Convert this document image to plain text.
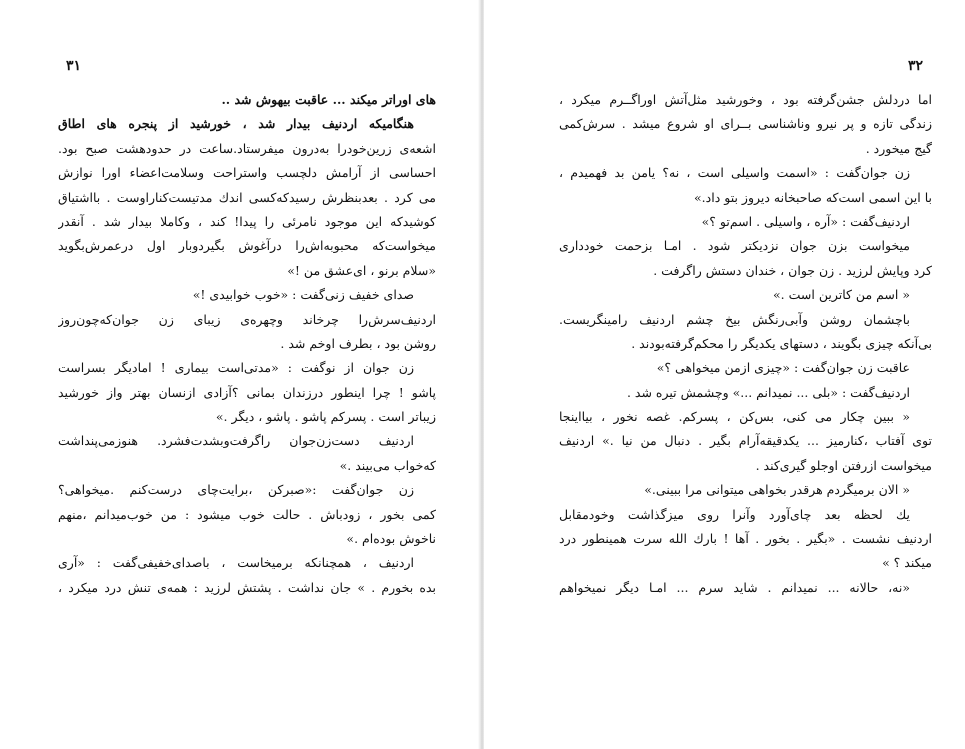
۳۱
های اوراتر میکند ... عاقبت بیهوش شد ..
هنگامیکه اردنیف بیدار شد ، خورشید از پنجره های اطاق
اشعه‌ی زرین‌خودرا به‌درون میفرستاد.ساعت در حدود‌هشت صبح بود.
احساسی از آرامش دلچسب واستراحت وسلامت‌اعضاء اورا نوازش
می کرد . بعد‌بنظرش رسید‌که‌کسی اندك مدتیست‌کنار‌اوست . بااشتیاق
کوشید‌که این موجود نامرئی را پیدا! کند ، وکاملا بیدار شد . آنقدر
میخواست‌که محبوبه‌اش‌را درآغوش بگیرد‌وبار اول درعمرش‌بگوید
«سلام برنو ، ای‌عشق من !»
صدای خفیف زنی‌گفت : «خوب خوابیدی !»
اردنیف‌سرش‌را چرخاند وچهره‌ی زیبای زن جوان‌که‌چون‌روز
روشن بود ، بطرف اوخم شد .
زن جوان از نو‌گفت : «مدتی‌است بیماری ! امادیگر بسراست
پاشو ! چرا اینطور درزندان بمانی ؟آزادی ازنسان بهتر واز خورشید
زیباتر است . پسرکم پاشو . پاشو ، دیگر .»
اردنیف دست‌زن‌جوان راگرفت‌وبشدت‌فشرد. هنوز‌می‌پنداشت
که‌خواب می‌بیند .»
زن جوان‌گفت :«صبرکن ،برایت‌چای درست‌کنم .میخواهی؟
کمی بخور ، زود‌باش . حالت خوب میشود : من خوب‌میدانم ،منهم
ناخوش بوده‌ام .»
اردنیف ، همچنانکه برمیخاست ، باصدای‌خفیفی‌گفت : «آری
بده بخورم . » جان نداشت . پشتش لرزید : همه‌ی تنش درد میکرد ،
۳۲
اما دردلش جشن‌گرفته بود ، وخورشید مثل‌آتش اوراگــرم میکرد ،
زندگی تازه و پر نیرو وناشناسی بــرای او شروع میشد . سرش‌کمی
گیج میخورد .
زن جوان‌گفت : «اسمت واسیلی است ، نه؟ یامن بد فهمیدم ،
با این اسمی است‌که صاحبخانه دیروز بتو داد.»
اردنیف‌گفت : «آره ، واسیلی . اسم‌تو ؟»
میخواست بزن جوان نزدیکتر شود . امـا بزحمت خودداری
کرد وپایش لرزید . زن جوان ، خندان دستش راگرفت .
« اسم من کاترین است .»
باچشمان روشن وآبی‌رنگش بیخ چشم اردنیف رامینگریست.
بی‌آنکه چیزی بگویند ، دستهای یکدیگر را محکم‌گرفته‌بودند .
عاقبت زن جوان‌گفت : «چیزی ازمن میخواهی ؟»
اردنیف‌گفت : «بلی ... نمیدانم ...» وچشمش تیره شد .
« ببین چکار می کنی، بس‌کن ، پسرکم. غصه نخور ، بیااینجا
توی آفتاب ،کنارمیز ... یکدقیقه‌آرام بگیر . دنبال من نیا .» اردنیف
میخواست ازرفتن اوجلو گیری‌کند .
« الان برمیگردم هرقدر بخواهی میتوانی مرا ببینی.»
یك لحظه بعد چای‌آورد وآنرا روی میزگذاشت وخودمقابل
اردنیف نشست . «بگیر . بخور . آها ! بارك الله سرت همینطور درد
میکند ؟ »
«نه، حالانه ... نمیدانم . شاید سرم ... امـا دیگر نمیخواهم
